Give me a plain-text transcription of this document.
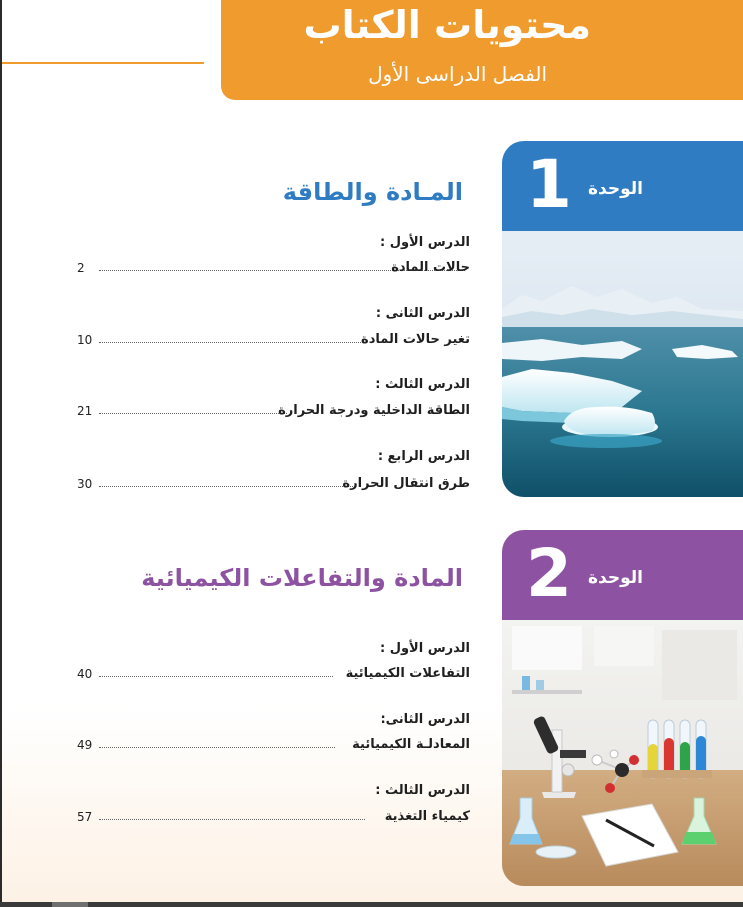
محتويات الكتاب
الفصل الدراسى الأول
1 الوحدة
2 الوحدة
المـادة والطاقة
المادة والتفاعلات الكيميائية
الدرس الأول :
2	حالات المادة
الدرس الثانى :
10	تغير حالات المادة
الدرس الثالث :
21	الطاقة الداخلية ودرجة الحرارة
الدرس الرابع :
30	طرق انتقال الحرارة
الدرس الأول :
40	التفاعلات الكيميائية
الدرس الثانى:
49	المعادلـة الكيميائية
الدرس الثالث :
57	كيمياء التغذية
